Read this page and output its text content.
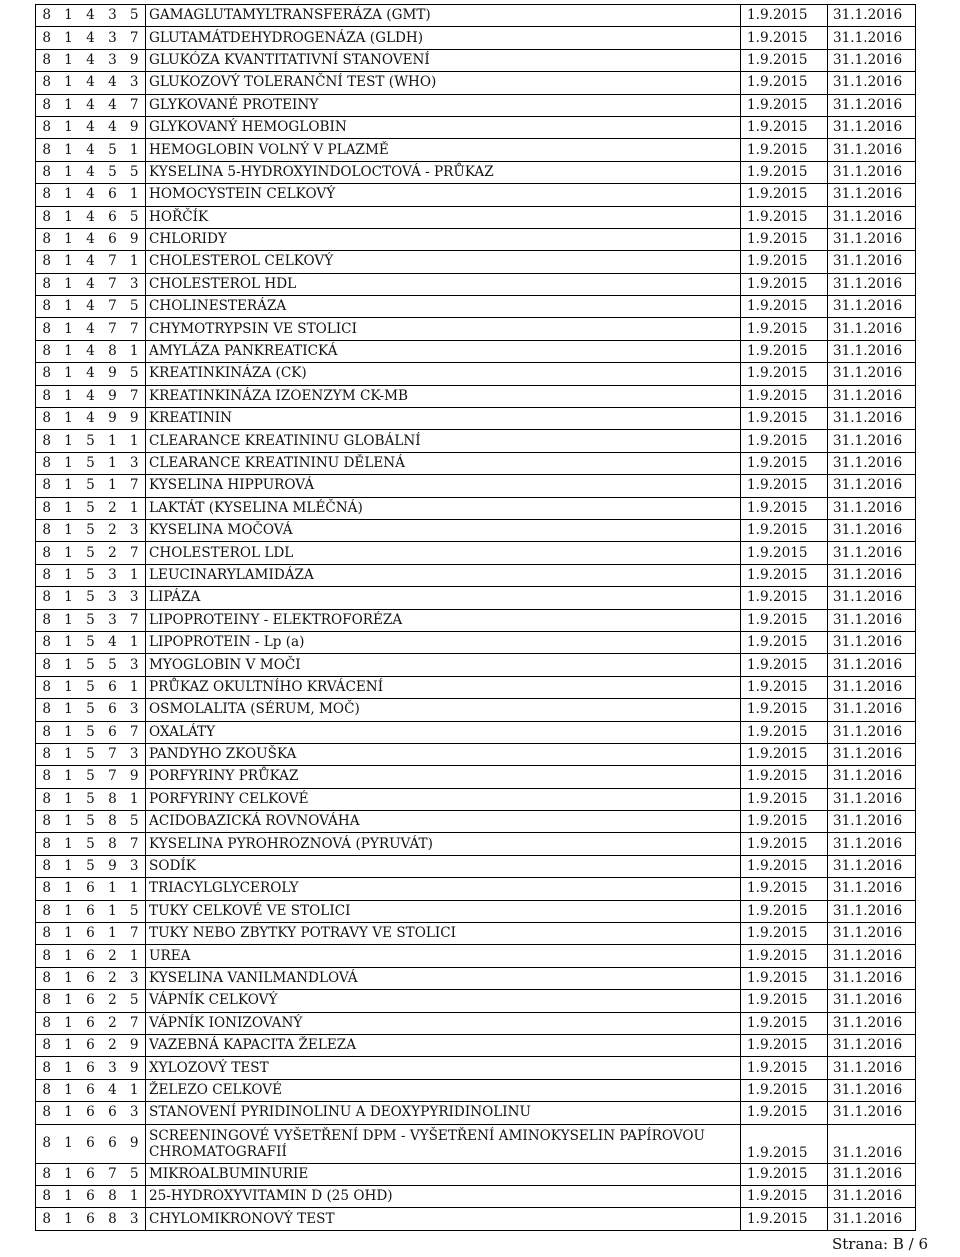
8	1	4	3	5	GAMAGLUTAMYLTRANSFERÁZA (GMT)	1.9.2015	31.1.2016
8	1	4	3	7	GLUTAMÁTDEHYDROGENÁZA (GLDH)	1.9.2015	31.1.2016
8	1	4	3	9	GLUKÓZA KVANTITATIVNÍ STANOVENÍ	1.9.2015	31.1.2016
8	1	4	4	3	GLUKOZOVÝ TOLERANČNÍ TEST (WHO)	1.9.2015	31.1.2016
8	1	4	4	7	GLYKOVANÉ PROTEINY	1.9.2015	31.1.2016
8	1	4	4	9	GLYKOVANÝ HEMOGLOBIN	1.9.2015	31.1.2016
8	1	4	5	1	HEMOGLOBIN VOLNÝ V PLAZMĚ	1.9.2015	31.1.2016
8	1	4	5	5	KYSELINA 5-HYDROXYINDOLOCTOVÁ - PRŮKAZ	1.9.2015	31.1.2016
8	1	4	6	1	HOMOCYSTEIN CELKOVÝ	1.9.2015	31.1.2016
8	1	4	6	5	HOŘČÍK	1.9.2015	31.1.2016
8	1	4	6	9	CHLORIDY	1.9.2015	31.1.2016
8	1	4	7	1	CHOLESTEROL CELKOVÝ	1.9.2015	31.1.2016
8	1	4	7	3	CHOLESTEROL HDL	1.9.2015	31.1.2016
8	1	4	7	5	CHOLINESTERÁZA	1.9.2015	31.1.2016
8	1	4	7	7	CHYMOTRYPSIN VE STOLICI	1.9.2015	31.1.2016
8	1	4	8	1	AMYLÁZA PANKREATICKÁ	1.9.2015	31.1.2016
8	1	4	9	5	KREATINKINÁZA (CK)	1.9.2015	31.1.2016
8	1	4	9	7	KREATINKINÁZA IZOENZYM CK-MB	1.9.2015	31.1.2016
8	1	4	9	9	KREATININ	1.9.2015	31.1.2016
8	1	5	1	1	CLEARANCE KREATININU GLOBÁLNÍ	1.9.2015	31.1.2016
8	1	5	1	3	CLEARANCE KREATININU DĚLENÁ	1.9.2015	31.1.2016
8	1	5	1	7	KYSELINA HIPPUROVÁ	1.9.2015	31.1.2016
8	1	5	2	1	LAKTÁT (KYSELINA MLÉČNÁ)	1.9.2015	31.1.2016
8	1	5	2	3	KYSELINA MOČOVÁ	1.9.2015	31.1.2016
8	1	5	2	7	CHOLESTEROL LDL	1.9.2015	31.1.2016
8	1	5	3	1	LEUCINARYLAMIDÁZA	1.9.2015	31.1.2016
8	1	5	3	3	LIPÁZA	1.9.2015	31.1.2016
8	1	5	3	7	LIPOPROTEINY - ELEKTROFORÉZA	1.9.2015	31.1.2016
8	1	5	4	1	LIPOPROTEIN - Lp (a)	1.9.2015	31.1.2016
8	1	5	5	3	MYOGLOBIN V MOČI	1.9.2015	31.1.2016
8	1	5	6	1	PRŮKAZ OKULTNÍHO KRVÁCENÍ	1.9.2015	31.1.2016
8	1	5	6	3	OSMOLALITA (SÉRUM, MOČ)	1.9.2015	31.1.2016
8	1	5	6	7	OXALÁTY	1.9.2015	31.1.2016
8	1	5	7	3	PANDYHO ZKOUŠKA	1.9.2015	31.1.2016
8	1	5	7	9	PORFYRINY PRŮKAZ	1.9.2015	31.1.2016
8	1	5	8	1	PORFYRINY CELKOVÉ	1.9.2015	31.1.2016
8	1	5	8	5	ACIDOBAZICKÁ ROVNOVÁHA	1.9.2015	31.1.2016
8	1	5	8	7	KYSELINA PYROHROZNOVÁ (PYRUVÁT)	1.9.2015	31.1.2016
8	1	5	9	3	SODÍK	1.9.2015	31.1.2016
8	1	6	1	1	TRIACYLGLYCEROLY	1.9.2015	31.1.2016
8	1	6	1	5	TUKY CELKOVÉ VE STOLICI	1.9.2015	31.1.2016
8	1	6	1	7	TUKY NEBO ZBYTKY POTRAVY VE STOLICI	1.9.2015	31.1.2016
8	1	6	2	1	UREA	1.9.2015	31.1.2016
8	1	6	2	3	KYSELINA VANILMANDLOVÁ	1.9.2015	31.1.2016
8	1	6	2	5	VÁPNÍK CELKOVÝ	1.9.2015	31.1.2016
8	1	6	2	7	VÁPNÍK IONIZOVANÝ	1.9.2015	31.1.2016
8	1	6	2	9	VAZEBNÁ KAPACITA ŽELEZA	1.9.2015	31.1.2016
8	1	6	3	9	XYLOZOVÝ TEST	1.9.2015	31.1.2016
8	1	6	4	1	ŽELEZO CELKOVÉ	1.9.2015	31.1.2016
8	1	6	6	3	STANOVENÍ PYRIDINOLINU A DEOXYPYRIDINOLINU	1.9.2015	31.1.2016
8	1	6	6	9	SCREENINGOVÉ VYŠETŘENÍ DPM - VYŠETŘENÍ AMINOKYSELIN PAPÍROVOU CHROMATOGRAFIÍ	1.9.2015	31.1.2016
8	1	6	7	5	MIKROALBUMINURIE	1.9.2015	31.1.2016
8	1	6	8	1	25-HYDROXYVITAMIN D (25 OHD)	1.9.2015	31.1.2016
8	1	6	8	3	CHYLOMIKRONOVÝ TEST	1.9.2015	31.1.2016
Strana: B / 6
